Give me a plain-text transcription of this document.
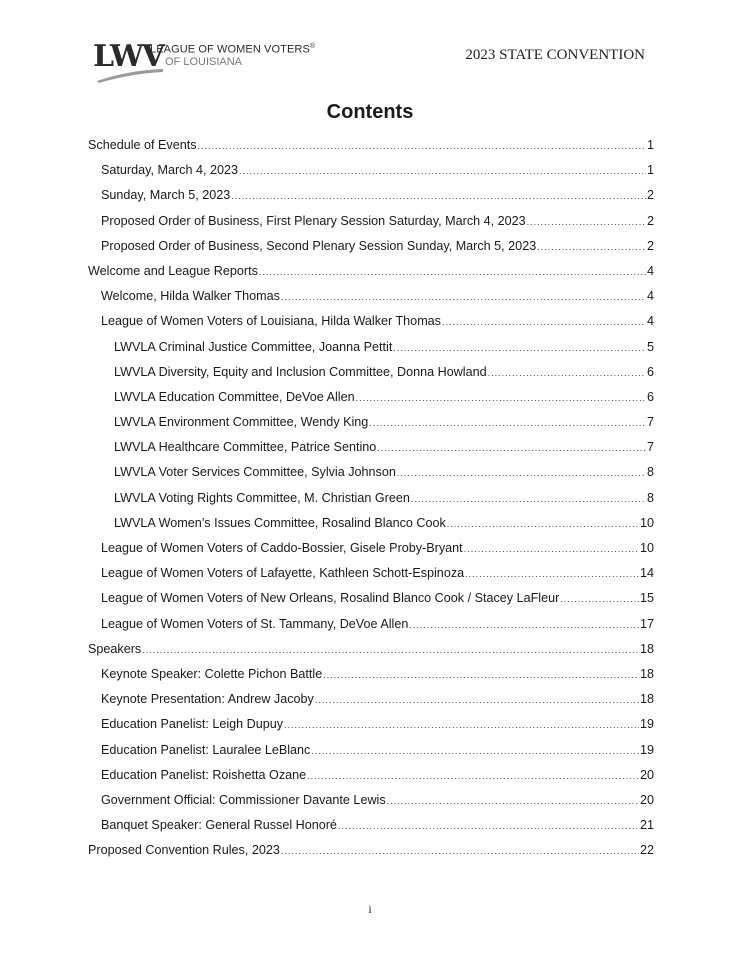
LWV
LEAGUE OF WOMEN VOTERS®
OF LOUISIANA	2023 STATE CONVENTION
Contents
Schedule of Events .....	1
Saturday, March 4, 2023 .....	1
Sunday, March 5, 2023 .....	2
Proposed Order of Business, First Plenary Session Saturday, March 4, 2023 .....	2
Proposed Order of Business, Second Plenary Session Sunday, March 5, 2023 .....	2
Welcome and League Reports .....	4
Welcome, Hilda Walker Thomas .....	4
League of Women Voters of Louisiana, Hilda Walker Thomas .....	4
LWVLA Criminal Justice Committee, Joanna Pettit .....	5
LWVLA Diversity, Equity and Inclusion Committee, Donna Howland .....	6
LWVLA Education Committee, DeVoe Allen .....	6
LWVLA Environment Committee, Wendy King .....	7
LWVLA Healthcare Committee, Patrice Sentino .....	7
LWVLA Voter Services Committee, Sylvia Johnson .....	8
LWVLA Voting Rights Committee, M. Christian Green .....	8
LWVLA Women’s Issues Committee, Rosalind Blanco Cook .....	10
League of Women Voters of Caddo-Bossier, Gisele Proby-Bryant .....	10
League of Women Voters of Lafayette, Kathleen Schott-Espinoza .....	14
League of Women Voters of New Orleans, Rosalind Blanco Cook / Stacey LaFleur .....	15
League of Women Voters of St. Tammany, DeVoe Allen .....	17
Speakers .....	18
Keynote Speaker: Colette Pichon Battle .....	18
Keynote Presentation: Andrew Jacoby .....	18
Education Panelist: Leigh Dupuy .....	19
Education Panelist: Lauralee LeBlanc .....	19
Education Panelist: Roishetta Ozane .....	20
Government Official: Commissioner Davante Lewis .....	20
Banquet Speaker: General Russel Honoré .....	21
Proposed Convention Rules, 2023 .....	22
i
